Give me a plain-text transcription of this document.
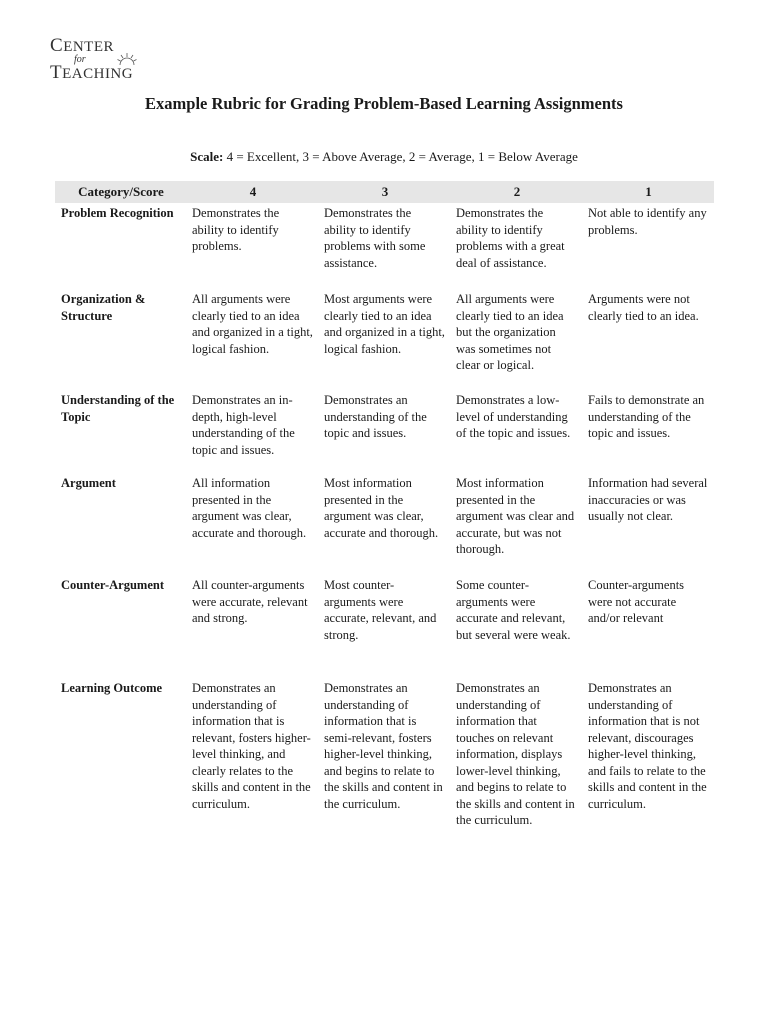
CENTER
for
TEACHING
Example Rubric for Grading Problem-Based Learning Assignments
Scale: 4 = Excellent, 3 = Above Average, 2 = Average, 1 = Below Average
Category/Score	4	3	2	1
Problem Recognition	Demonstrates the ability to identify problems.	Demonstrates the ability to identify problems with some assistance.	Demonstrates the ability to identify problems with a great deal of assistance.	Not able to identify any problems.
Organization & Structure	All arguments were clearly tied to an idea and organized in a tight, logical fashion.	Most arguments were clearly tied to an idea and organized in a tight, logical fashion.	All arguments were clearly tied to an idea but the organization was sometimes not clear or logical.	Arguments were not clearly tied to an idea.
Understanding of the Topic	Demonstrates an in-depth, high-level understanding of the topic and issues.	Demonstrates an understanding of the topic and issues.	Demonstrates a low-level of understanding of the topic and issues.	Fails to demonstrate an understanding of the topic and issues.
Argument	All information presented in the argument was clear, accurate and thorough.	Most information presented in the argument was clear, accurate and thorough.	Most information presented in the argument was clear and accurate, but was not thorough.	Information had several inaccuracies or was usually not clear.
Counter-Argument	All counter-arguments were accurate, relevant and strong.	Most counter-arguments were accurate, relevant, and strong.	Some counter-arguments were accurate and relevant, but several were weak.	Counter-arguments were not accurate and/or relevant
Learning Outcome	Demonstrates an understanding of information that is relevant, fosters higher-level thinking, and clearly relates to the skills and content in the curriculum.	Demonstrates an understanding of information that is semi-relevant, fosters higher-level thinking, and begins to relate to the skills and content in the curriculum.	Demonstrates an understanding of information that touches on relevant information, displays lower-level thinking, and begins to relate to the skills and content in the curriculum.	Demonstrates an understanding of information that is not relevant, discourages higher-level thinking, and fails to relate to the skills and content in the curriculum.
